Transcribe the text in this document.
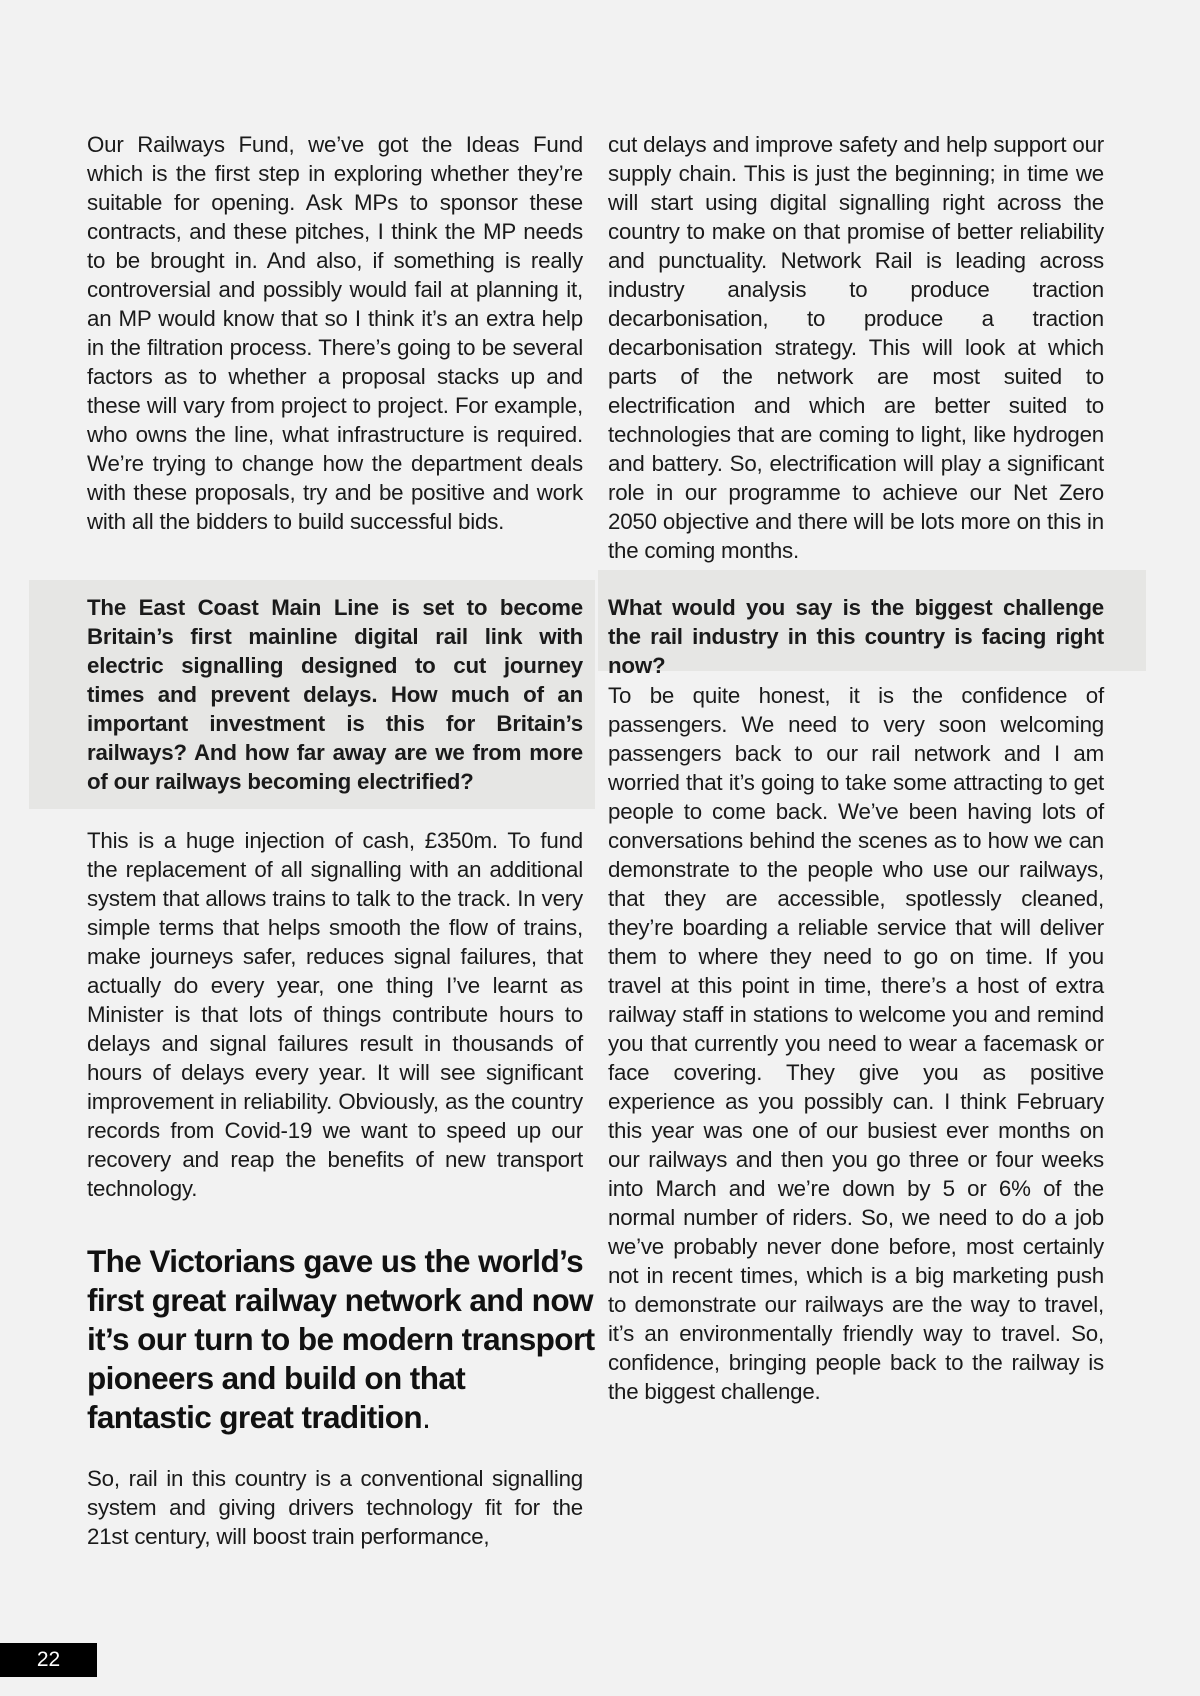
Our Railways Fund, we’ve got the Ideas Fund which is the first step in exploring whether they’re suitable for opening. Ask MPs to sponsor these contracts, and these pitches, I think the MP needs to be brought in. And also, if something is really controversial and possibly would fail at planning it, an MP would know that so I think it’s an extra help in the filtration process. There’s going to be several factors as to whether a proposal stacks up and these will vary from project to project. For example, who owns the line, what infrastructure is required. We’re trying to change how the department deals with these proposals, try and be positive and work with all the bidders to build successful bids.

The East Coast Main Line is set to become Britain’s first mainline digital rail link with electric signalling designed to cut journey times and prevent delays. How much of an important investment is this for Britain’s railways? And how far away are we from more of our railways becoming electrified?

This is a huge injection of cash, £350m. To fund the replacement of all signalling with an additional system that allows trains to talk to the track. In very simple terms that helps smooth the flow of trains, make journeys safer, reduces signal failures, that actually do every year, one thing I’ve learnt as Minister is that lots of things contribute hours to delays and signal failures result in thousands of hours of delays every year. It will see significant improvement in reliability. Obviously, as the country records from Covid-19 we want to speed up our recovery and reap the benefits of new transport technology.

The Victorians gave us the world’s first great railway network and now it’s our turn to be modern transport pioneers and build on that fantastic great tradition.

So, rail in this country is a conventional signalling system and giving drivers technology fit for the 21st century, will boost train performance,

cut delays and improve safety and help support our supply chain. This is just the beginning; in time we will start using digital signalling right across the country to make on that promise of better reliability and punctuality. Network Rail is leading across industry analysis to produce traction decarbonisation, to produce a traction decarbonisation strategy. This will look at which parts of the network are most suited to electrification and which are better suited to technologies that are coming to light, like hydrogen and battery. So, electrification will play a significant role in our programme to achieve our Net Zero 2050 objective and there will be lots more on this in the coming months.

What would you say is the biggest challenge the rail industry in this country is facing right now?

To be quite honest, it is the confidence of passengers. We need to very soon welcoming passengers back to our rail network and I am worried that it’s going to take some attracting to get people to come back. We’ve been having lots of conversations behind the scenes as to how we can demonstrate to the people who use our railways, that they are accessible, spotlessly cleaned, they’re boarding a reliable service that will deliver them to where they need to go on time. If you travel at this point in time, there’s a host of extra railway staff in stations to welcome you and remind you that currently you need to wear a facemask or face covering. They give you as positive experience as you possibly can. I think February this year was one of our busiest ever months on our railways and then you go three or four weeks into March and we’re down by 5 or 6% of the normal number of riders. So, we need to do a job we’ve probably never done before, most certainly not in recent times, which is a big marketing push to demonstrate our railways are the way to travel, it’s an environmentally friendly way to travel. So, confidence, bringing people back to the railway is the biggest challenge.

22
